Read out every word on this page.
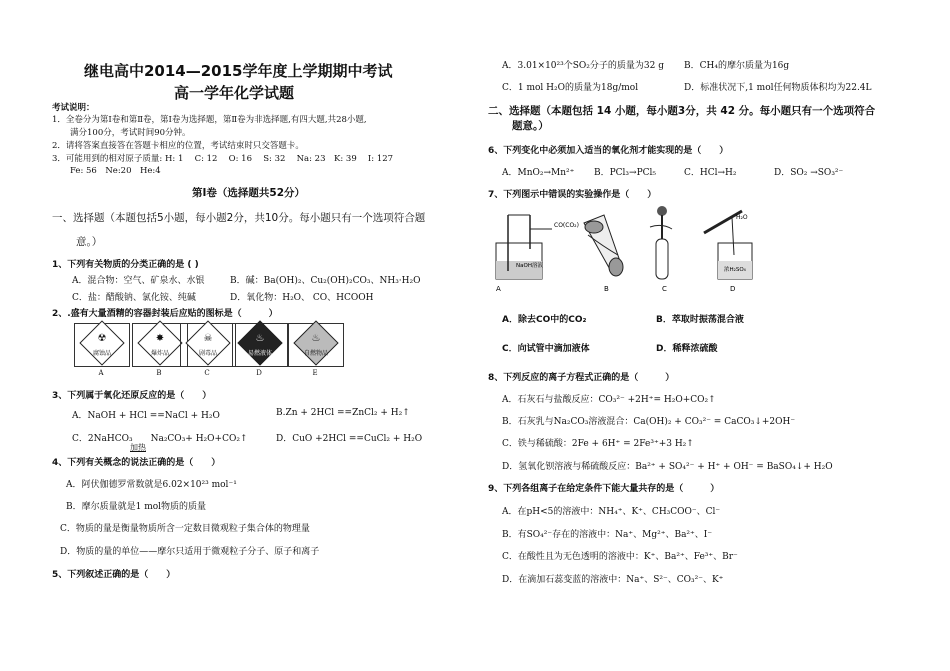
继电高中2014—2015学年度上学期期中考试
高一学年化学试题
考试说明：
1．全卷分为第Ⅰ卷和第Ⅱ卷，第Ⅰ卷为选择题，第Ⅱ卷为非选择题,有四大题,共28小题,
满分100分，考试时间90分钟。
2．请将答案直接答在答题卡相应的位置，考试结束时只交答题卡。
3．可能用到的相对原子质量: H: 1　 C: 12　 O: 16　 S: 32　 Na: 23　K: 39　 I: 127
Fe: 56　Ne:20　He:4
第Ⅰ卷（选择题共52分）
一、选择题（本题包括5小题，每小题2分，共10分。每小题只有一个选项符合题
意。）
1、下列有关物质的分类正确的是 ( )
A．混合物：空气、矿泉水、水银	B．碱：Ba(OH)₂、Cu₂(OH)₂CO₃、NH₃·H₂O
C．盐：醋酸钠、氯化铵、纯碱	D．氧化物：H₂O、 CO、HCOOH
2、.盛有大量酒精的容器封装后应贴的图标是（　　　）
☢
腐蚀品
A
✸
爆炸品
B
☠
剧毒品
C
♨
易燃液体
D
♨
自燃物品
E
3、下列属于氧化还原反应的是（　　）
A．NaOH + HCl ==NaCl + H₂O	B.Zn + 2HCl ==ZnCl₂ + H₂↑
C．2NaHCO₃　　Na₂CO₃+ H₂O+CO₂↑
加热
D．CuO +2HCl ==CuCl₂ + H₂O
4、下列有关概念的说法正确的是（　　）
A．阿伏伽德罗常数就是6.02×10²³ mol⁻¹
B．摩尔质量就是1 mol物质的质量
C．物质的量是衡量物质所含一定数目微观粒子集合体的物理量
D．物质的量的单位——摩尔只适用于微观粒子分子、原子和离子
5、下列叙述正确的是（　　）
A．3.01×10²³个SO₂分子的质量为32 g B．CH₄的摩尔质量为16g
C．1 mol H₂O的质量为18g/mol	D．标准状况下,1 mol任何物质体积均为22.4L
二、选择题（本题包括 14 小题，每小题3分，共 42 分。每小题只有一个选项符合
题意。）
6、下列变化中必须加入适当的氧化剂才能实现的是（　　）
A．MnO₂→Mn²⁺ B．PCl₃→PCl₅	C．HCl→H₂	D．SO₂ →SO₃²⁻
7、下列图示中错误的实验操作是（　　）
CO(CO₂)
NaOH溶液
A	B	C
H₂O
浓H₂SO₄
D
A．除去CO中的CO₂	B．萃取时振荡混合液
C．向试管中滴加液体	D．稀释浓硫酸
8、下列反应的离子方程式正确的是（　　　）
A．石灰石与盐酸反应：CO₃²⁻ +2H⁺= H₂O+CO₂↑
B．石灰乳与Na₂CO₃溶液混合：Ca(OH)₂ + CO₃²⁻ = CaCO₃↓+2OH⁻
C．铁与稀硫酸：2Fe + 6H⁺ = 2Fe³⁺+3 H₂↑
D．氢氧化钡溶液与稀硫酸反应：Ba²⁺ + SO₄²⁻ + H⁺ + OH⁻ = BaSO₄↓+ H₂O
9、下列各组离子在给定条件下能大量共存的是（　　　）
A．在pH<5的溶液中：NH₄⁺、K⁺、CH₃COO⁻、Cl⁻
B．有SO₄²⁻存在的溶液中：Na⁺、Mg²⁺、Ba²⁺、I⁻
C．在酸性且为无色透明的溶液中：K⁺、Ba²⁺、Fe³⁺、Br⁻
D．在滴加石蕊变蓝的溶液中：Na⁺、S²⁻、CO₃²⁻、K⁺
